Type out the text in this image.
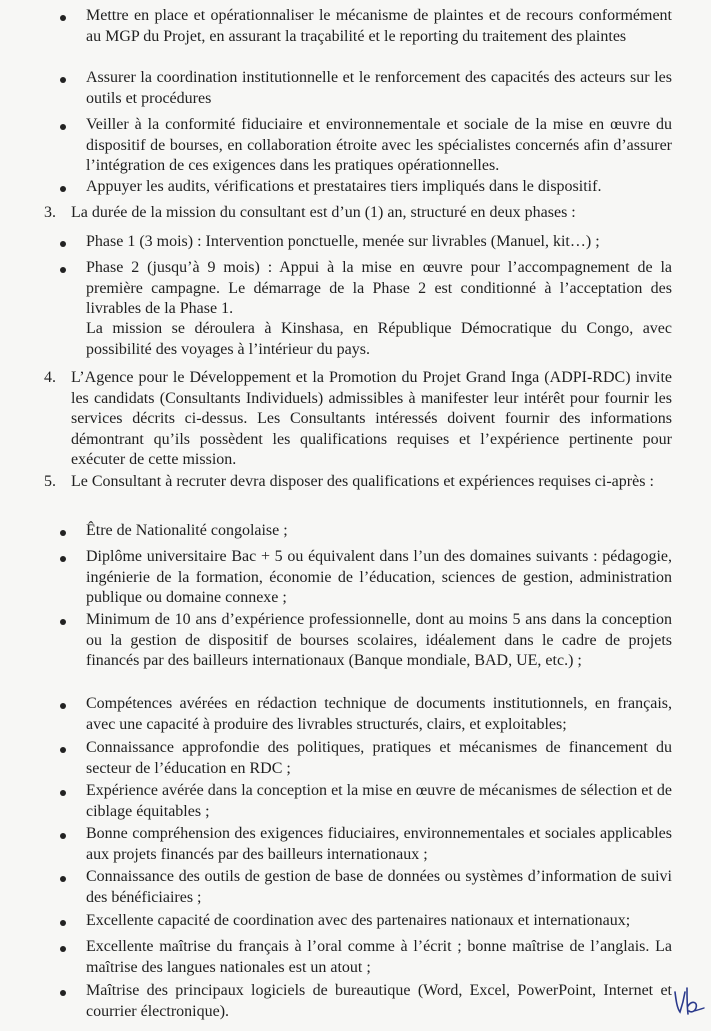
Mettre en place et opérationnaliser le mécanisme de plaintes et de recours conformément au MGP du Projet, en assurant la traçabilité et le reporting du traitement des plaintes

Assurer la coordination institutionnelle et le renforcement des capacités des acteurs sur les outils et procédures

Veiller à la conformité fiduciaire et environnementale et sociale de la mise en œuvre du dispositif de bourses, en collaboration étroite avec les spécialistes concernés afin d’assurer l’intégration de ces exigences dans les pratiques opérationnelles.

Appuyer les audits, vérifications et prestataires tiers impliqués dans le dispositif.

3. La durée de la mission du consultant est d’un (1) an, structuré en deux phases :

Phase 1 (3 mois) : Intervention ponctuelle, menée sur livrables (Manuel, kit…) ;

Phase 2 (jusqu’à 9 mois) : Appui à la mise en œuvre pour l’accompagnement de la première campagne. Le démarrage de la Phase 2 est conditionné à l’acceptation des livrables de la Phase 1.

La mission se déroulera à Kinshasa, en République Démocratique du Congo, avec possibilité des voyages à l’intérieur du pays.

4. L’Agence pour le Développement et la Promotion du Projet Grand Inga (ADPI-RDC) invite les candidats (Consultants Individuels) admissibles à manifester leur intérêt pour fournir les services décrits ci-dessus. Les Consultants intéressés doivent fournir des informations démontrant qu’ils possèdent les qualifications requises et l’expérience pertinente pour exécuter de cette mission.

5. Le Consultant à recruter devra disposer des qualifications et expériences requises ci-après :

Être de Nationalité congolaise ;

Diplôme universitaire Bac + 5 ou équivalent dans l’un des domaines suivants : pédagogie, ingénierie de la formation, économie de l’éducation, sciences de gestion, administration publique ou domaine connexe ;

Minimum de 10 ans d’expérience professionnelle, dont au moins 5 ans dans la conception ou la gestion de dispositif de bourses scolaires, idéalement dans le cadre de projets financés par des bailleurs internationaux (Banque mondiale, BAD, UE, etc.) ;

Compétences avérées en rédaction technique de documents institutionnels, en français, avec une capacité à produire des livrables structurés, clairs, et exploitables;

Connaissance approfondie des politiques, pratiques et mécanismes de financement du secteur de l’éducation en RDC ;

Expérience avérée dans la conception et la mise en œuvre de mécanismes de sélection et de ciblage équitables ;

Bonne compréhension des exigences fiduciaires, environnementales et sociales applicables aux projets financés par des bailleurs internationaux ;

Connaissance des outils de gestion de base de données ou systèmes d’information de suivi des bénéficiaires ;

Excellente capacité de coordination avec des partenaires nationaux et internationaux;

Excellente maîtrise du français à l’oral comme à l’écrit ; bonne maîtrise de l’anglais. La maîtrise des langues nationales est un atout ;

Maîtrise des principaux logiciels de bureautique (Word, Excel, PowerPoint, Internet et courrier électronique).
